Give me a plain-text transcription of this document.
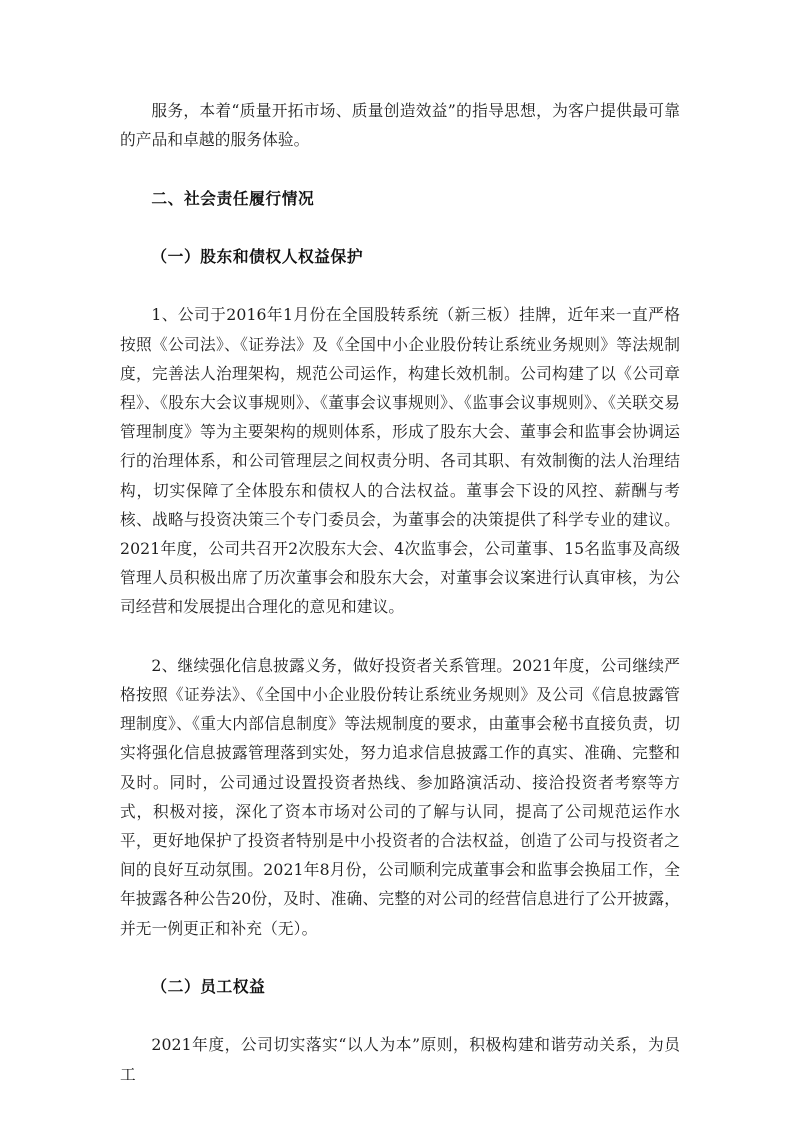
服务，本着“质量开拓市场、质量创造效益”的指导思想，为客户提供最可靠的产品和卓越的服务体验。

二、社会责任履行情况

（一）股东和债权人权益保护

1、公司于2016年1月份在全国股转系统（新三板）挂牌，近年来一直严格按照《公司法》、《证券法》及《全国中小企业股份转让系统业务规则》等法规制度，完善法人治理架构，规范公司运作，构建长效机制。公司构建了以《公司章程》、《股东大会议事规则》、《董事会议事规则》、《监事会议事规则》、《关联交易管理制度》等为主要架构的规则体系，形成了股东大会、董事会和监事会协调运行的治理体系，和公司管理层之间权责分明、各司其职、有效制衡的法人治理结构，切实保障了全体股东和债权人的合法权益。董事会下设的风控、薪酬与考核、战略与投资决策三个专门委员会，为董事会的决策提供了科学专业的建议。2021年度，公司共召开2次股东大会、4次监事会，公司董事、15名监事及高级管理人员积极出席了历次董事会和股东大会，对董事会议案进行认真审核，为公司经营和发展提出合理化的意见和建议。

2、继续强化信息披露义务，做好投资者关系管理。2021年度，公司继续严格按照《证券法》、《全国中小企业股份转让系统业务规则》及公司《信息披露管理制度》、《重大内部信息制度》等法规制度的要求，由董事会秘书直接负责，切实将强化信息披露管理落到实处，努力追求信息披露工作的真实、准确、完整和及时。同时，公司通过设置投资者热线、参加路演活动、接洽投资者考察等方式，积极对接，深化了资本市场对公司的了解与认同，提高了公司规范运作水平，更好地保护了投资者特别是中小投资者的合法权益，创造了公司与投资者之间的良好互动氛围。2021年8月份，公司顺利完成董事会和监事会换届工作，全年披露各种公告20份，及时、准确、完整的对公司的经营信息进行了公开披露，并无一例更正和补充（无）。

（二）员工权益

2021年度，公司切实落实“以人为本”原则，积极构建和谐劳动关系，为员工
